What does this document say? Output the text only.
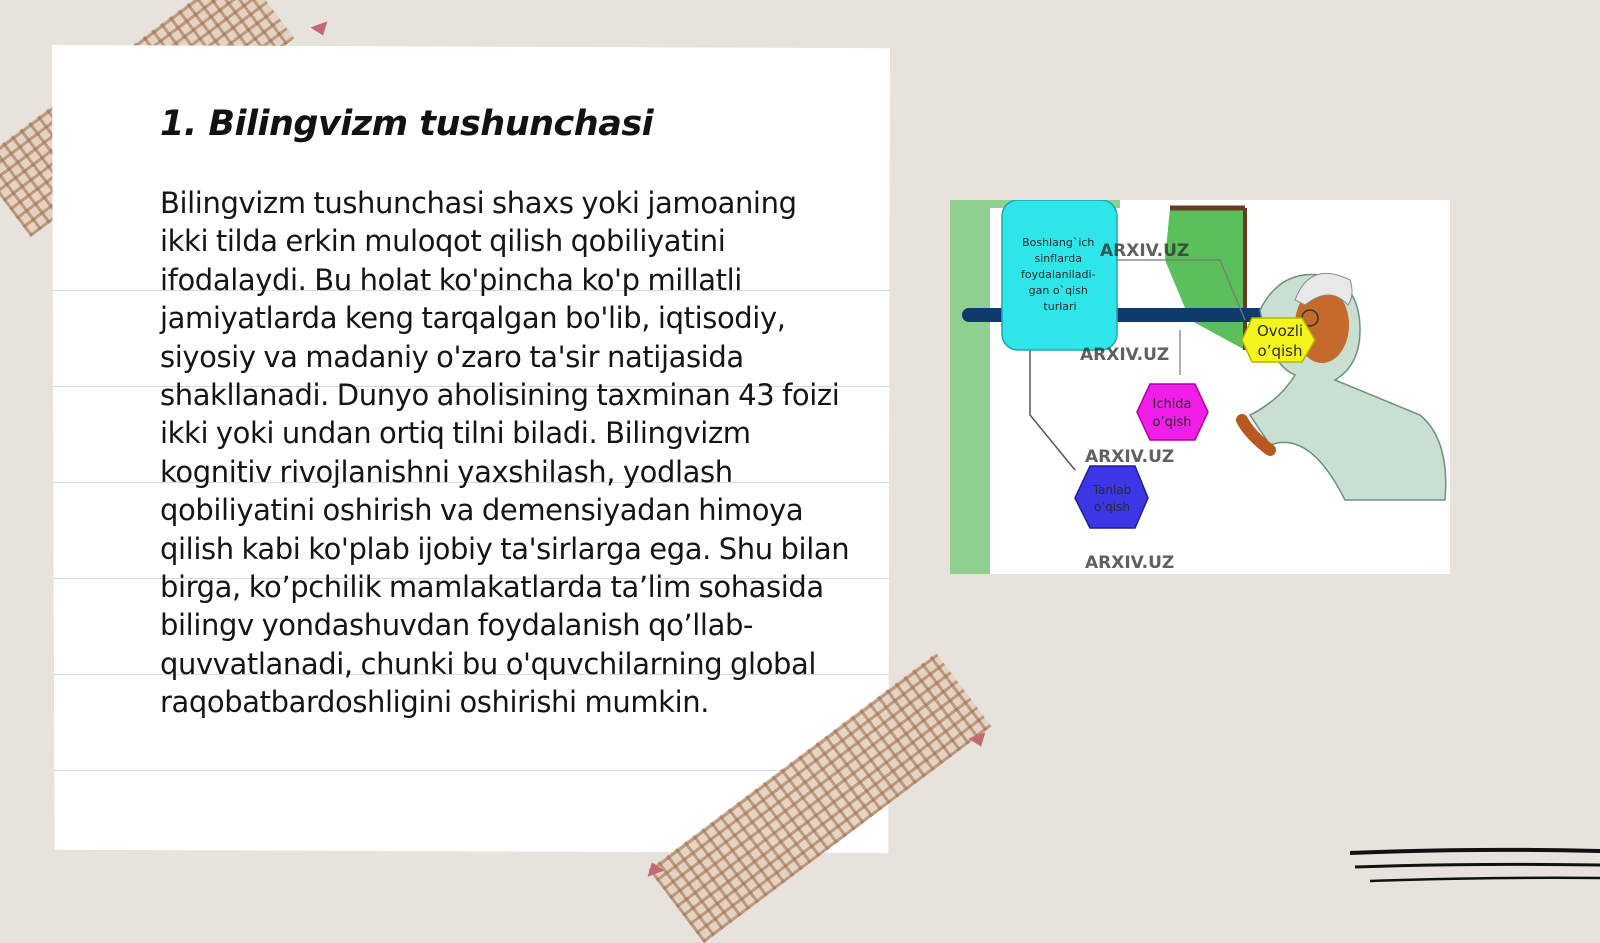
1. Bilingvizm tushunchasi

Bilingvizm tushunchasi shaxs yoki jamoaning ikki tilda erkin muloqot qilish qobiliyatini ifodalaydi. Bu holat ko'pincha ko'p millatli jamiyatlarda keng tarqalgan bo'lib, iqtisodiy, siyosiy va madaniy o'zaro ta'sir natijasida shakllanadi. Dunyo aholisining taxminan 43 foizi ikki yoki undan ortiq tilni biladi. Bilingvizm kognitiv rivojlanishni yaxshilash, yodlash qobiliyatini oshirish va demensiyadan himoya qilish kabi ko'plab ijobiy ta'sirlarga ega. Shu bilan birga, ko’pchilik mamlakatlarda ta’lim sohasida bilingv yondashuvdan foydalanish qo’llab-quvvatlanadi, chunki bu o'quvchilarning global raqobatbardoshligini oshirishi mumkin.

Boshlang`ich sinflarda foydalaniladi- gan o`qish turlari
Ovozli
o’qish
Ichida
o’qish
Tanlab
o’qish
ARXIV.UZ
ARXIV.UZ
ARXIV.UZ
ARXIV.UZ
